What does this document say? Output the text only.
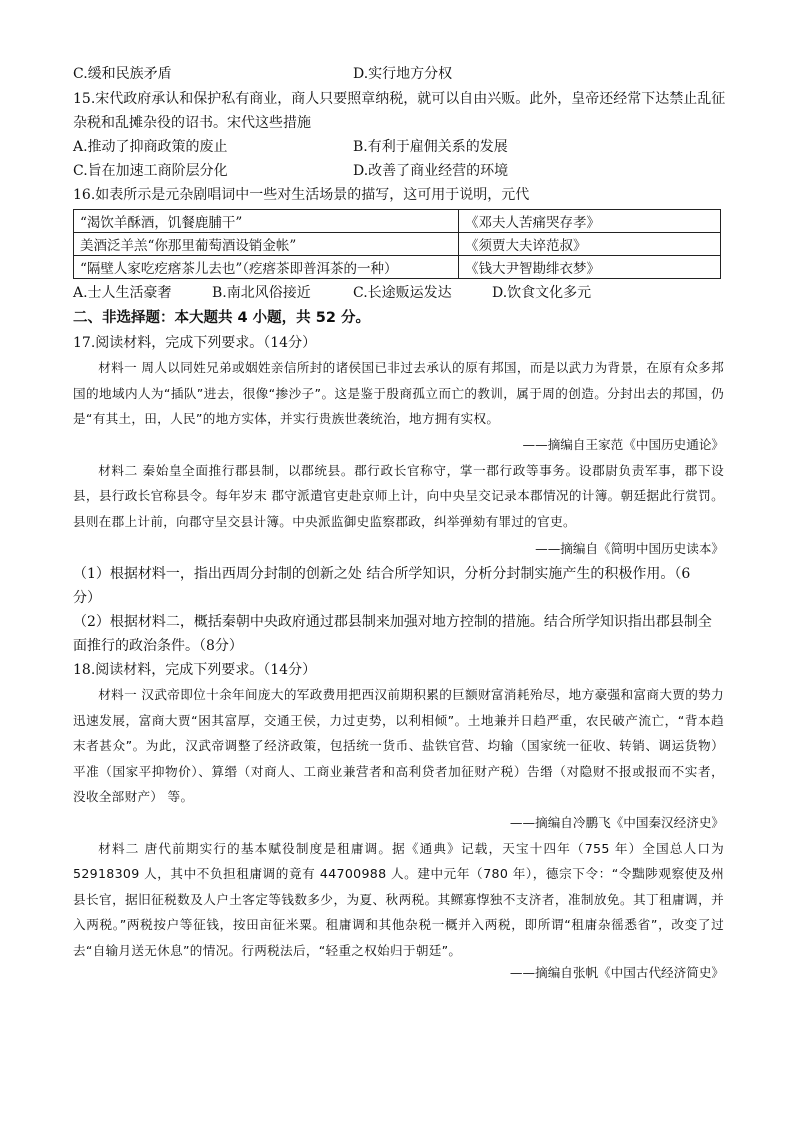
C.缓和民族矛盾	D.实行地方分权
15.宋代政府承认和保护私有商业，商人只要照章纳税，就可以自由兴贩。此外，皇帝还经常下达禁止乱征
杂税和乱摊杂役的诏书。宋代这些措施
A.推动了抑商政策的废止	B.有利于雇佣关系的发展
C.旨在加速工商阶层分化	D.改善了商业经营的环境
16.如表所示是元杂剧唱词中一些对生活场景的描写，这可用于说明，元代
“渴饮羊酥酒，饥餐鹿脯干”	《邓夫人苦痛哭存孝》
美酒泛羊羔“你那里葡萄酒设销金帐”	《须贾大夫谇范叔》
“隔壁人家吃疙瘩茶儿去也”（疙瘩茶即普洱茶的一种）	《钱大尹智勘绯衣梦》
A.士人生活豪奢	B.南北风俗接近	C.长途贩运发达	D.饮食文化多元
二、非选择题：本大题共 4 小题，共 52 分。
17.阅读材料，完成下列要求。（14分）
材料一 周人以同姓兄弟或姻姓亲信所封的诸侯国已非过去承认的原有邦国，而是以武力为背景，在原有众多邦国的地域内人为“插队”进去，很像“掺沙子”。这是鉴于殷商孤立而亡的教训，属于周的创造。分封出去的邦国，仍是“有其土，田，人民”的地方实体，并实行贵族世袭统治，地方拥有实权。
——摘编自王家范《中国历史通论》
材料二 秦始皇全面推行郡县制，以郡统县。郡行政长官称守，掌一郡行政等事务。设郡尉负责军事，郡下设县，县行政长官称县令。每年岁末 郡守派遣官吏赴京师上计，向中央呈交记录本郡情况的计簿。朝廷据此行赏罚。县则在郡上计前，向郡守呈交县计簿。中央派监御史监察郡政，纠举弹劾有罪过的官吏。
——摘编自《简明中国历史读本》
（1）根据材料一，指出西周分封制的创新之处 结合所学知识，分析分封制实施产生的积极作用。（6
分）
（2）根据材料二，概括秦朝中央政府通过郡县制来加强对地方控制的措施。结合所学知识指出郡县制全
面推行的政治条件。（8分）
18.阅读材料，完成下列要求。（14分）
材料一 汉武帝即位十余年间庞大的军政费用把西汉前期积累的巨额财富消耗殆尽，地方豪强和富商大贾的势力迅速发展，富商大贾“困其富厚，交通王侯，力过吏势，以利相倾”。土地兼并日趋严重，农民破产流亡，“背本趋末者甚众”。为此，汉武帝调整了经济政策，包括统一货币、盐铁官营、均输（国家统一征收、转销、调运货物）平准（国家平抑物价）、算缗（对商人、工商业兼营者和高利贷者加征财产税）告缗（对隐财不报或报而不实者，没收全部财产） 等。
——摘编自冷鹏飞《中国秦汉经济史》
材料二 唐代前期实行的基本赋役制度是租庸调。据《通典》记载，天宝十四年（755 年）全国总人口为 52918309 人，其中不负担租庸调的竟有 44700988 人。建中元年（780 年），德宗下令：“令黜陟观察使及州县长官，据旧征税数及人户土客定等钱数多少，为夏、秋两税。其鳏寡惸独不支济者，准制放免。其丁租庸调，并入两税。”两税按户等征钱，按田亩征米粟。租庸调和其他杂税一概并入两税，即所谓“租庸杂徭悉省”，改变了过去“自输月送无休息”的情况。行两税法后，“轻重之权始归于朝廷”。
——摘编自张帆《中国古代经济简史》
